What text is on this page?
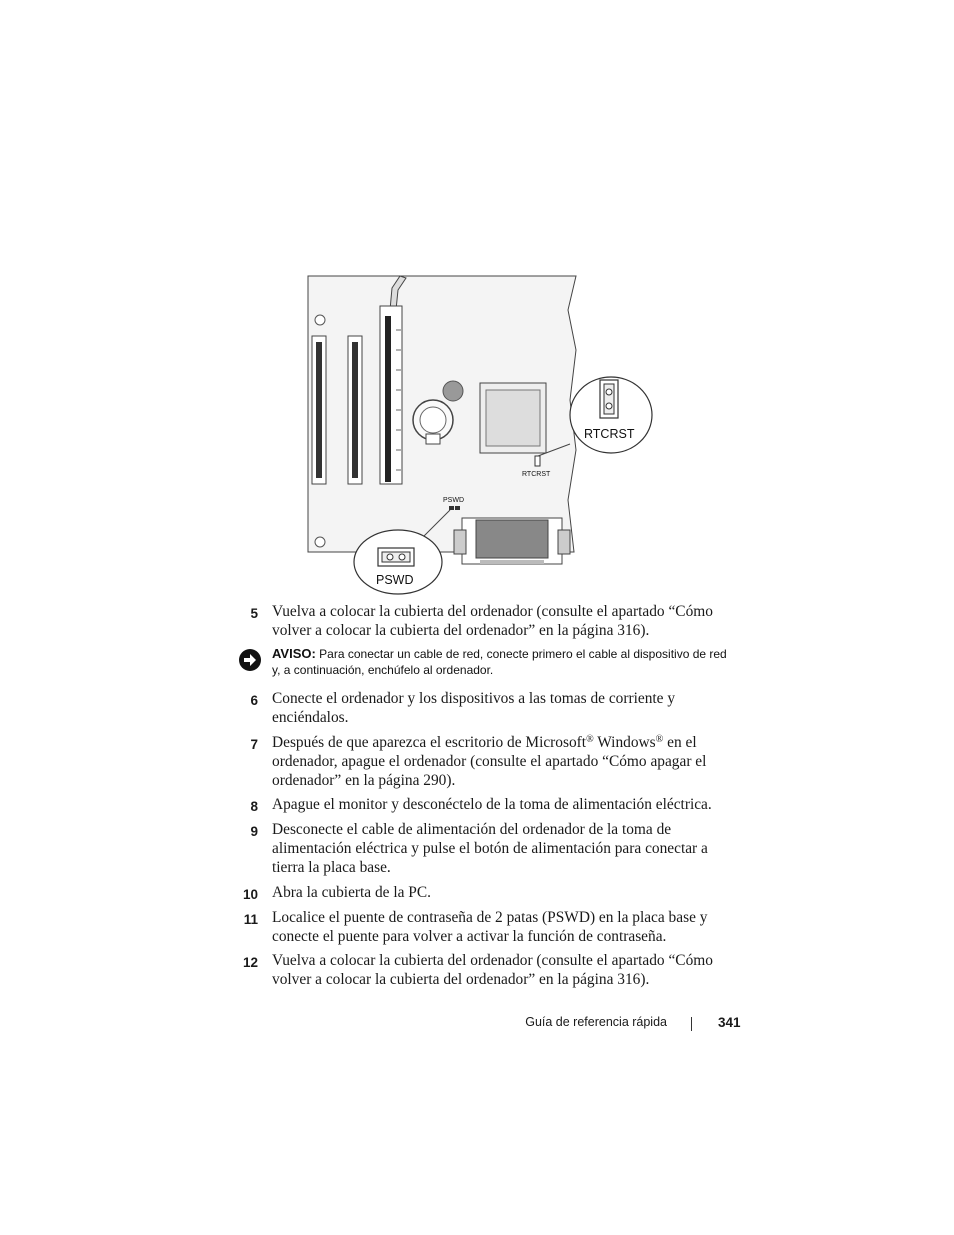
RTCRST
RTCRST
PSWD
PSWD
5 Vuelva a colocar la cubierta del ordenador (consulte el apartado “Cómo volver a colocar la cubierta del ordenador” en la página 316).
AVISO: Para conectar un cable de red, conecte primero el cable al dispositivo de red y, a continuación, enchúfelo al ordenador.
6 Conecte el ordenador y los dispositivos a las tomas de corriente y enciéndalos.
7 Después de que aparezca el escritorio de Microsoft® Windows® en el ordenador, apague el ordenador (consulte el apartado “Cómo apagar el ordenador” en la página 290).
8 Apague el monitor y desconéctelo de la toma de alimentación eléctrica.
9 Desconecte el cable de alimentación del ordenador de la toma de alimentación eléctrica y pulse el botón de alimentación para conectar a tierra la placa base.
10 Abra la cubierta de la PC.
11 Localice el puente de contraseña de 2 patas (PSWD) en la placa base y conecte el puente para volver a activar la función de contraseña.
12 Vuelva a colocar la cubierta del ordenador (consulte el apartado “Cómo volver a colocar la cubierta del ordenador” en la página 316).
Guía de referencia rápida	341
